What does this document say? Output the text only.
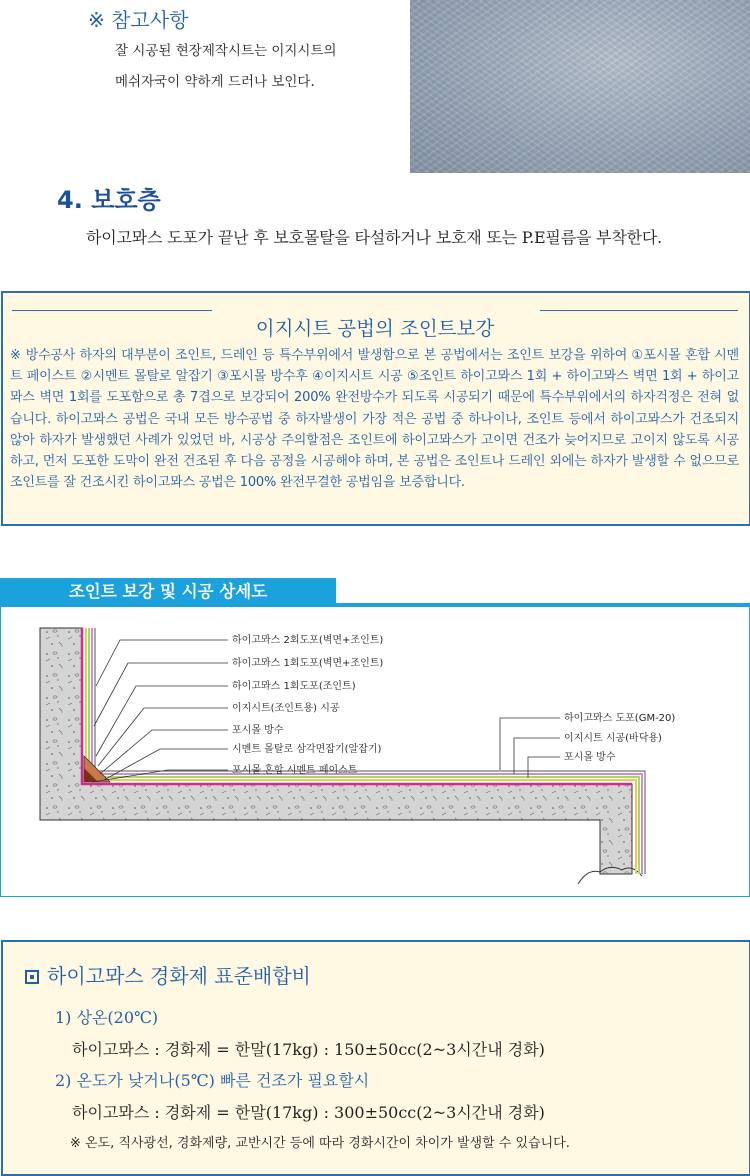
※ 참고사항
잘 시공된 현장제작시트는 이지시트의
메쉬자국이 약하게 드러나 보인다.
4. 보호층
하이고뫄스 도포가 끝난 후 보호몰탈을 타설하거나 보호재 또는 P.E필름을 부착한다.
이지시트 공법의 조인트보강
※ 방수공사 하자의 대부분이 조인트, 드레인 등 특수부위에서 발생함으로 본 공법에서는 조인트 보강을 위하여 ①포시몰 혼합 시멘트 페이스트 ②시멘트 몰탈로 알잡기 ③포시몰 방수후 ④이지시트 시공 ⑤조인트 하이고뫄스 1회 + 하이고뫄스 벽면 1회 + 하이고뫄스 벽면 1회를 도포함으로 총 7겹으로 보강되어 200% 완전방수가 되도록 시공되기 때문에 특수부위에서의 하자걱정은 전혀 없습니다. 하이고뫄스 공법은 국내 모든 방수공법 중 하자발생이 가장 적은 공법 중 하나이나, 조인트 등에서 하이고뫄스가 건조되지 않아 하자가 발생했던 사례가 있었던 바, 시공상 주의할점은 조인트에 하이고뫄스가 고이면 건조가 늦어지므로 고이지 않도록 시공하고, 먼저 도포한 도막이 완전 건조된 후 다음 공정을 시공해야 하며, 본 공법은 조인트나 드레인 외에는 하자가 발생할 수 없으므로 조인트를 잘 건조시킨 하이고뫄스 공법은 100% 완전무결한 공법임을 보증합니다.
조인트 보강 및 시공 상세도
하이고뫄스 2회도포(벽면+조인트)
하이고뫄스 1회도포(벽면+조인트)
하이고뫄스 1회도포(조인트)
이지시트(조인트용) 시공
포시몰 방수
시멘트 몰탈로 삼각면잡기(알잡기)
포시몰 혼합 시멘트 페이스트
하이고뫄스 도포(GM-20)
이지시트 시공(바닥용)
포시몰 방수
하이고뫄스 경화제 표준배합비
1) 상온(20℃)
하이고뫄스 : 경화제 = 한말(17kg) : 150±50cc(2~3시간내 경화)
2) 온도가 낮거나(5℃) 빠른 건조가 필요할시
하이고뫄스 : 경화제 = 한말(17kg) : 300±50cc(2~3시간내 경화)
※ 온도, 직사광선, 경화제량, 교반시간 등에 따라 경화시간이 차이가 발생할 수 있습니다.
